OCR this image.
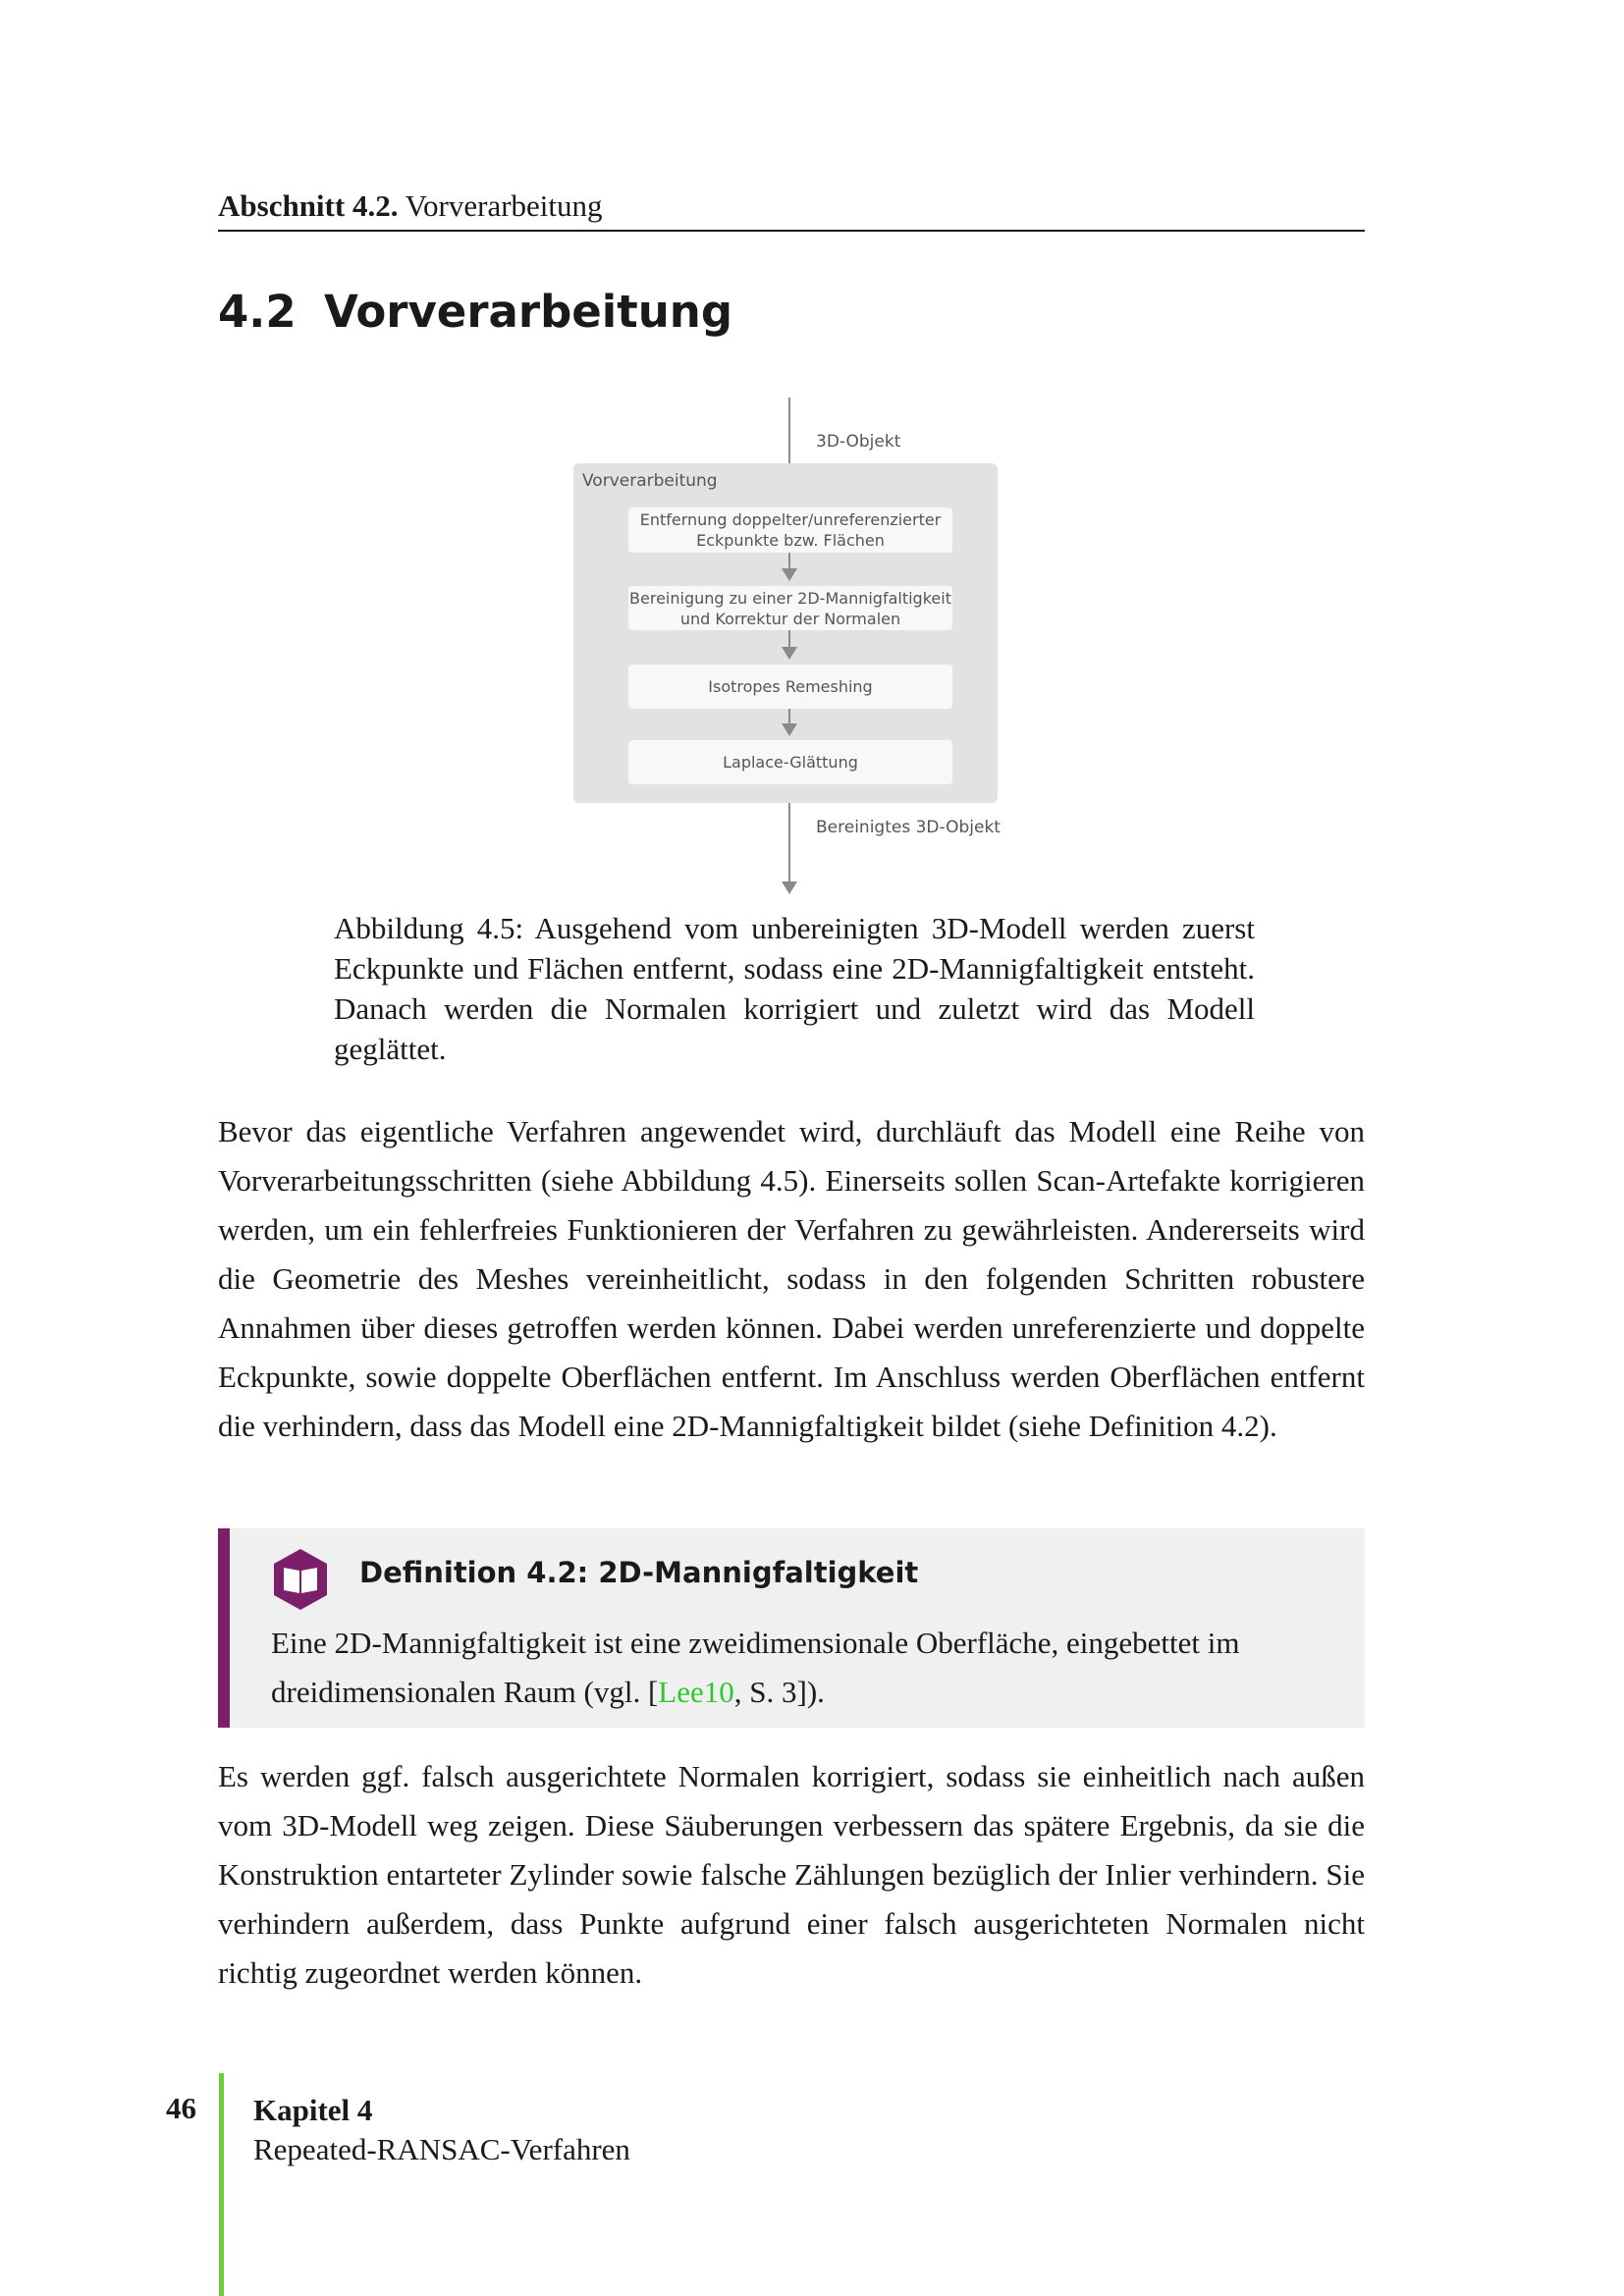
Abschnitt 4.2. Vorverarbeitung
4.2 Vorverarbeitung
3D-Objekt
Vorverarbeitung
Entfernung doppelter/unreferenzierter
Eckpunkte bzw. Flächen
Bereinigung zu einer 2D-Mannigfaltigkeit
und Korrektur der Normalen
Isotropes Remeshing
Laplace-Glättung
Bereinigtes 3D-Objekt

Abbildung 4.5: Ausgehend vom unbereinigten 3D-Modell werden zuerst Eckpunkte und Flächen entfernt, sodass eine 2D-Mannigfaltigkeit entsteht. Danach werden die Normalen korrigiert und zuletzt wird das Modell geglättet.

Bevor das eigentliche Verfahren angewendet wird, durchläuft das Modell eine Reihe von Vorverarbeitungsschritten (siehe Abbildung 4.5). Einerseits sollen Scan-Artefakte korrigieren werden, um ein fehlerfreies Funktionieren der Verfahren zu gewährleisten. Andererseits wird die Geometrie des Meshes vereinheitlicht, sodass in den folgenden Schritten robustere Annahmen über dieses getroffen werden können. Dabei werden unreferenzierte und doppelte Eckpunkte, sowie doppelte Oberflächen entfernt. Im Anschluss werden Oberflächen entfernt die verhindern, dass das Modell eine 2D-Mannigfaltigkeit bildet (siehe Definition 4.2).

Definition 4.2: 2D-Mannigfaltigkeit

Eine 2D-Mannigfaltigkeit ist eine zweidimensionale Oberfläche, eingebettet im dreidimensionalen Raum (vgl. [Lee10, S. 3]).

Es werden ggf. falsch ausgerichtete Normalen korrigiert, sodass sie einheitlich nach außen vom 3D-Modell weg zeigen. Diese Säuberungen verbessern das spätere Ergebnis, da sie die Konstruktion entarteter Zylinder sowie falsche Zählungen bezüglich der Inlier verhindern. Sie verhindern außerdem, dass Punkte aufgrund einer falsch ausgerichteten Normalen nicht richtig zugeordnet werden können.

46 Kapitel 4
Repeated-RANSAC-Verfahren
